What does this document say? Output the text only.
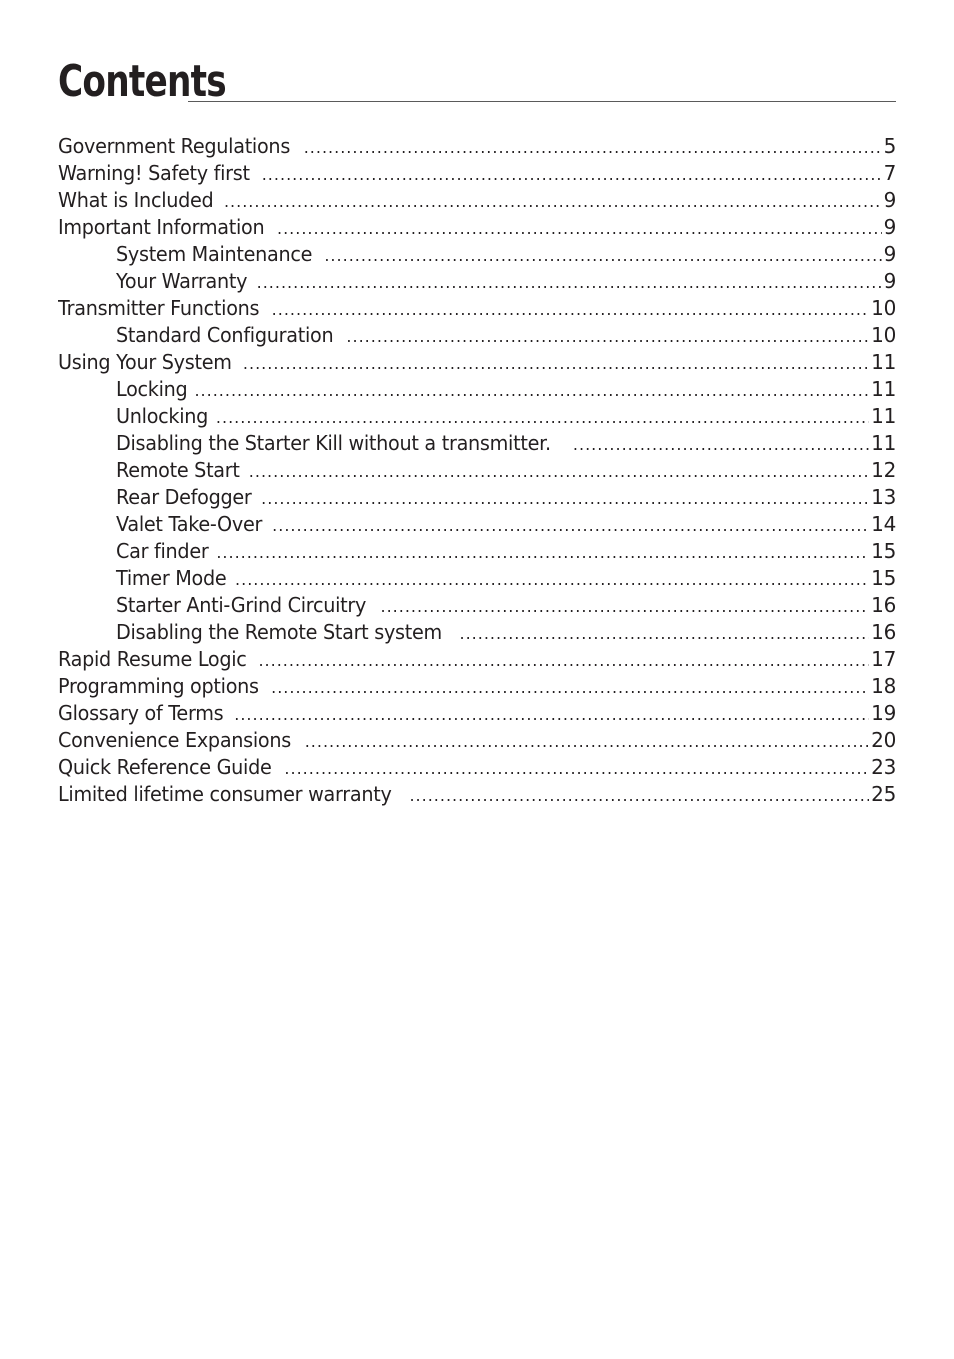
Contents
Government Regulations .....	5
Warning! Safety first .....	7
What is Included .....	9
Important Information .....	9
System Maintenance .....	9
Your Warranty .....	9
Transmitter Functions .....	10
Standard Configuration .....	10
Using Your System .....	11
Locking .....	11
Unlocking .....	11
Disabling the Starter Kill without a transmitter. .....	11
Remote Start .....	12
Rear Defogger .....	13
Valet Take-Over .....	14
Car finder .....	15
Timer Mode .....	15
Starter Anti-Grind Circuitry .....	16
Disabling the Remote Start system .....	16
Rapid Resume Logic .....	17
Programming options .....	18
Glossary of Terms .....	19
Convenience Expansions .....	20
Quick Reference Guide .....	23
Limited lifetime consumer warranty .....	25
